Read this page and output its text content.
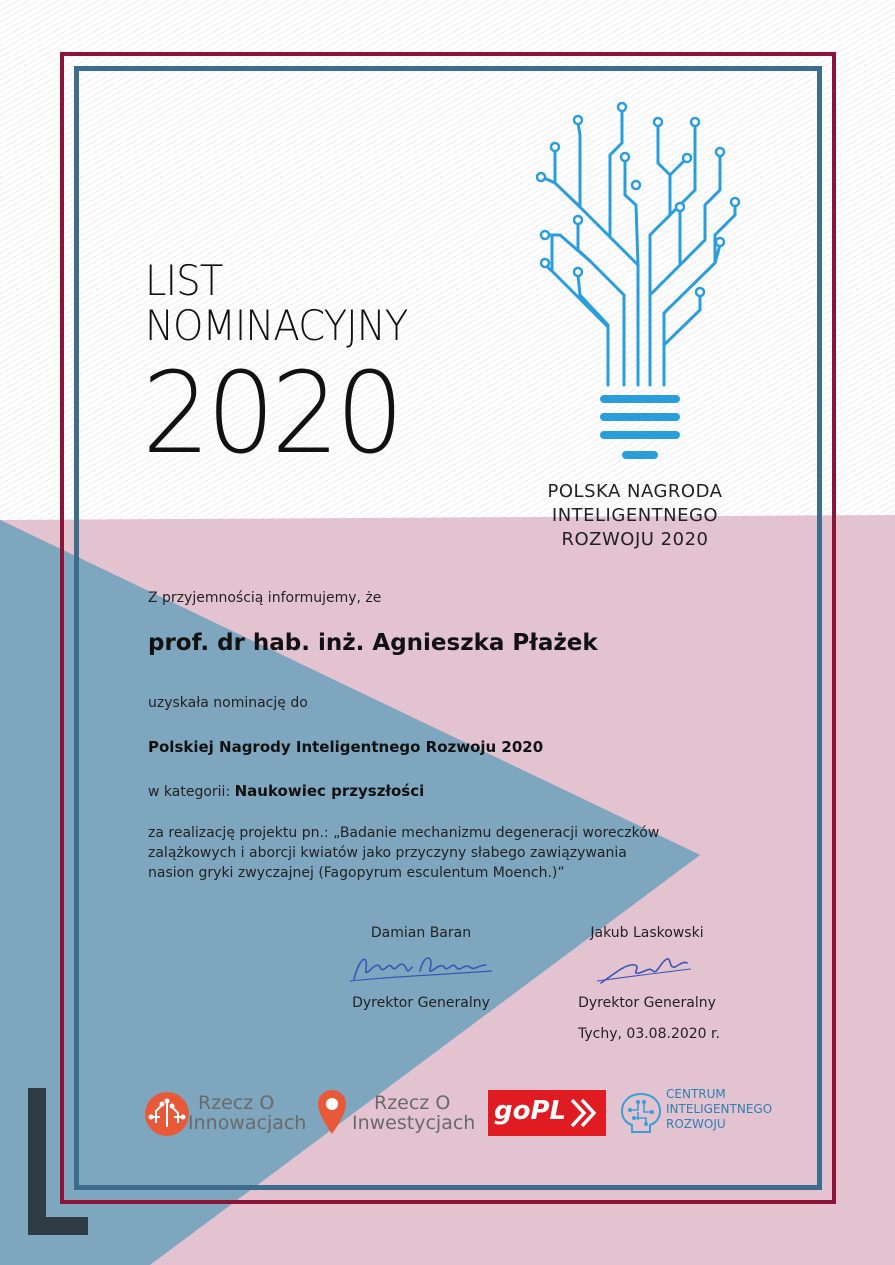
LIST
NOMINACYJNY
2020
POLSKA NAGRODA
INTELIGENTNEGO
ROZWOJU 2020
Z przyjemnością informujemy, że
prof. dr hab. inż. Agnieszka Płażek
uzyskała nominację do
Polskiej Nagrody Inteligentnego Rozwoju 2020
w kategorii: Naukowiec przyszłości
za realizację projektu pn.: „Badanie mechanizmu degeneracji woreczków
zalążkowych i aborcji kwiatów jako przyczyny słabego zawiązywania
nasion gryki zwyczajnej (Fagopyrum esculentum Moench.)”
Damian Baran
Dyrektor Generalny
Jakub Laskowski
Dyrektor Generalny
Tychy, 03.08.2020 r.
Rzecz O
Innowacjach
Rzecz O
Inwestycjach goPL
CENTRUM
INTELIGENTNEGO
ROZWOJU
